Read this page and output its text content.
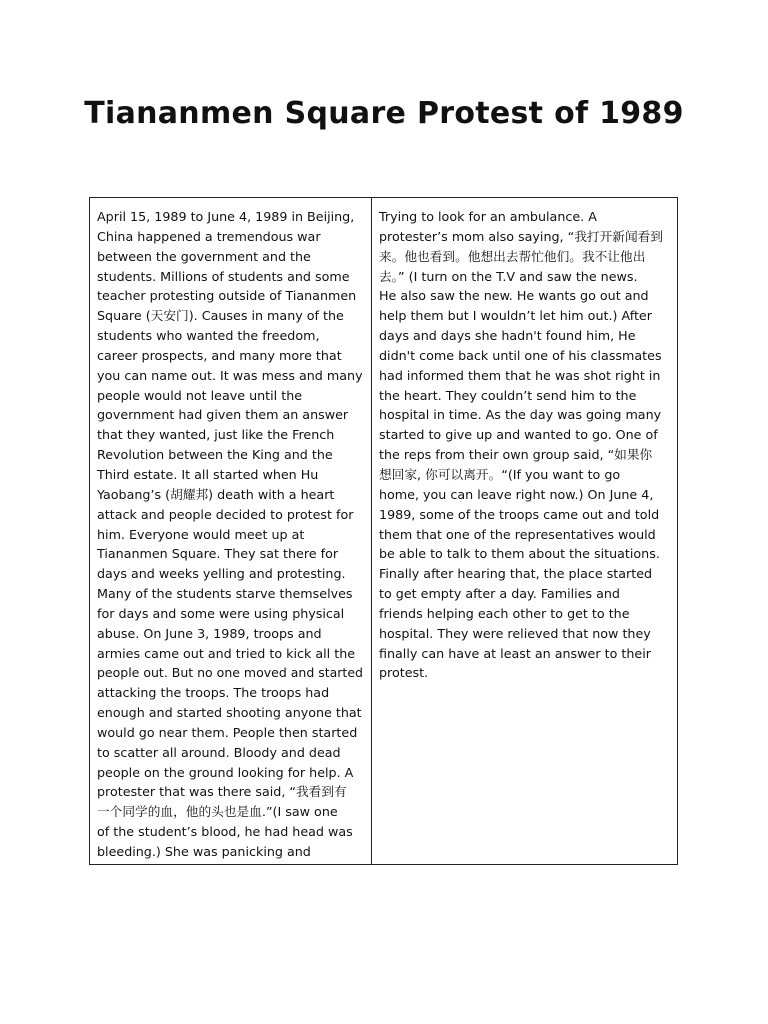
Tiananmen Square Protest of 1989
April 15, 1989 to June 4, 1989 in Beijing,
China happened a tremendous war
between the government and the
students. Millions of students and some
teacher protesting outside of Tiananmen
Square (天安门). Causes in many of the
students who wanted the freedom,
career prospects, and many more that
you can name out. It was mess and many
people would not leave until the
government had given them an answer
that they wanted, just like the French
Revolution between the King and the
Third estate. It all started when Hu
Yaobang’s (胡耀邦) death with a heart
attack and people decided to protest for
him. Everyone would meet up at
Tiananmen Square. They sat there for
days and weeks yelling and protesting.
Many of the students starve themselves
for days and some were using physical
abuse. On June 3, 1989, troops and
armies came out and tried to kick all the
people out. But no one moved and started
attacking the troops. The troops had
enough and started shooting anyone that
would go near them. People then started
to scatter all around. Bloody and dead
people on the ground looking for help. A
protester that was there said, “我看到有
一个同学的血，他的头也是血.”(I saw one
of the student’s blood, he had head was
bleeding.) She was panicking and
Trying to look for an ambulance. A
protester’s mom also saying, “我打开新闻看到
来。他也看到。他想出去帮忙他们。我不让他出
去。” (I turn on the T.V and saw the news.
He also saw the new. He wants go out and
help them but I wouldn’t let him out.) After
days and days she hadn't found him, He
didn't come back until one of his classmates
had informed them that he was shot right in
the heart. They couldn’t send him to the
hospital in time. As the day was going many
started to give up and wanted to go. One of
the reps from their own group said, “如果你
想回家, 你可以离开。“(If you want to go
home, you can leave right now.) On June 4,
1989, some of the troops came out and told
them that one of the representatives would
be able to talk to them about the situations.
Finally after hearing that, the place started
to get empty after a day. Families and
friends helping each other to get to the
hospital. They were relieved that now they
finally can have at least an answer to their
protest.
